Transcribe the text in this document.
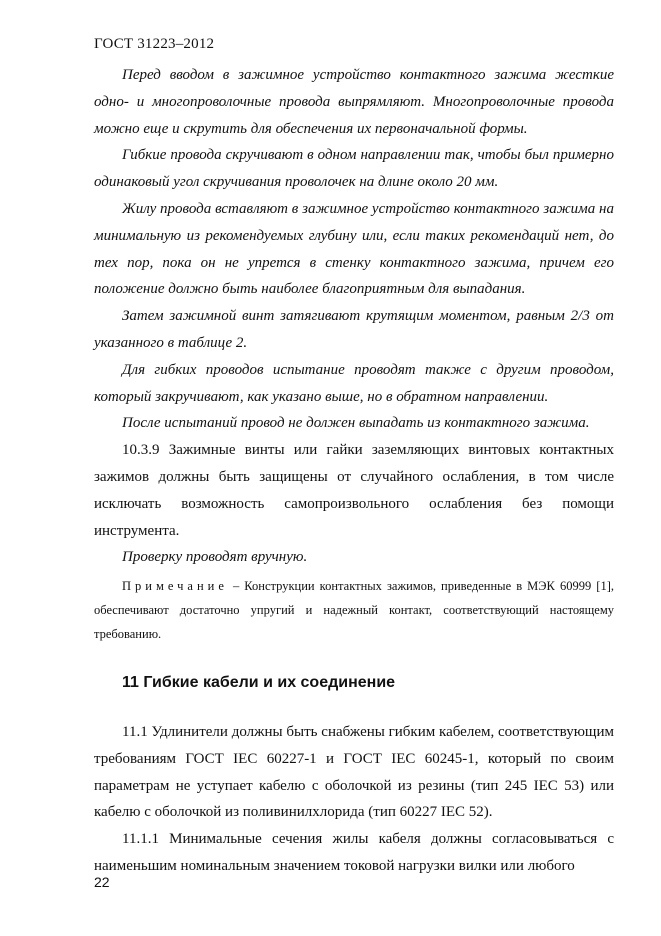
ГОСТ 31223–2012

Перед вводом в зажимное устройство контактного зажима жесткие одно- и многопроволочные провода выпрямляют. Многопроволочные провода можно еще и скрутить для обеспечения их первоначальной формы.

Гибкие провода скручивают в одном направлении так, чтобы был примерно одинаковый угол скручивания проволочек на длине около 20 мм.

Жилу провода вставляют в зажимное устройство контактного зажима на минимальную из рекомендуемых глубину или, если таких рекомендаций нет, до тех пор, пока он не упрется в стенку контактного зажима, причем его положение должно быть наиболее благоприятным для выпадания.

Затем зажимной винт затягивают крутящим моментом, равным 2/3 от указанного в таблице 2.

Для гибких проводов испытание проводят также с другим проводом, который закручивают, как указано выше, но в обратном направлении.

После испытаний провод не должен выпадать из контактного зажима.

10.3.9 Зажимные винты или гайки заземляющих винтовых контактных зажимов должны быть защищены от случайного ослабления, в том числе исключать возможность самопроизвольного ослабления без помощи инструмента.

Проверку проводят вручную.

Примечание – Конструкции контактных зажимов, приведенные в МЭК 60999 [1], обеспечивают достаточно упругий и надежный контакт, соответствующий настоящему требованию.

11 Гибкие кабели и их соединение

11.1 Удлинители должны быть снабжены гибким кабелем, соответствующим требованиям ГОСТ IEC 60227-1 и ГОСТ IEC 60245-1, который по своим параметрам не уступает кабелю с оболочкой из резины (тип 245 IEC 53) или кабелю с оболочкой из поливинилхлорида (тип 60227 IEC 52).

11.1.1 Минимальные сечения жилы кабеля должны согласовываться с наименьшим номинальным значением токовой нагрузки вилки или любого

22
